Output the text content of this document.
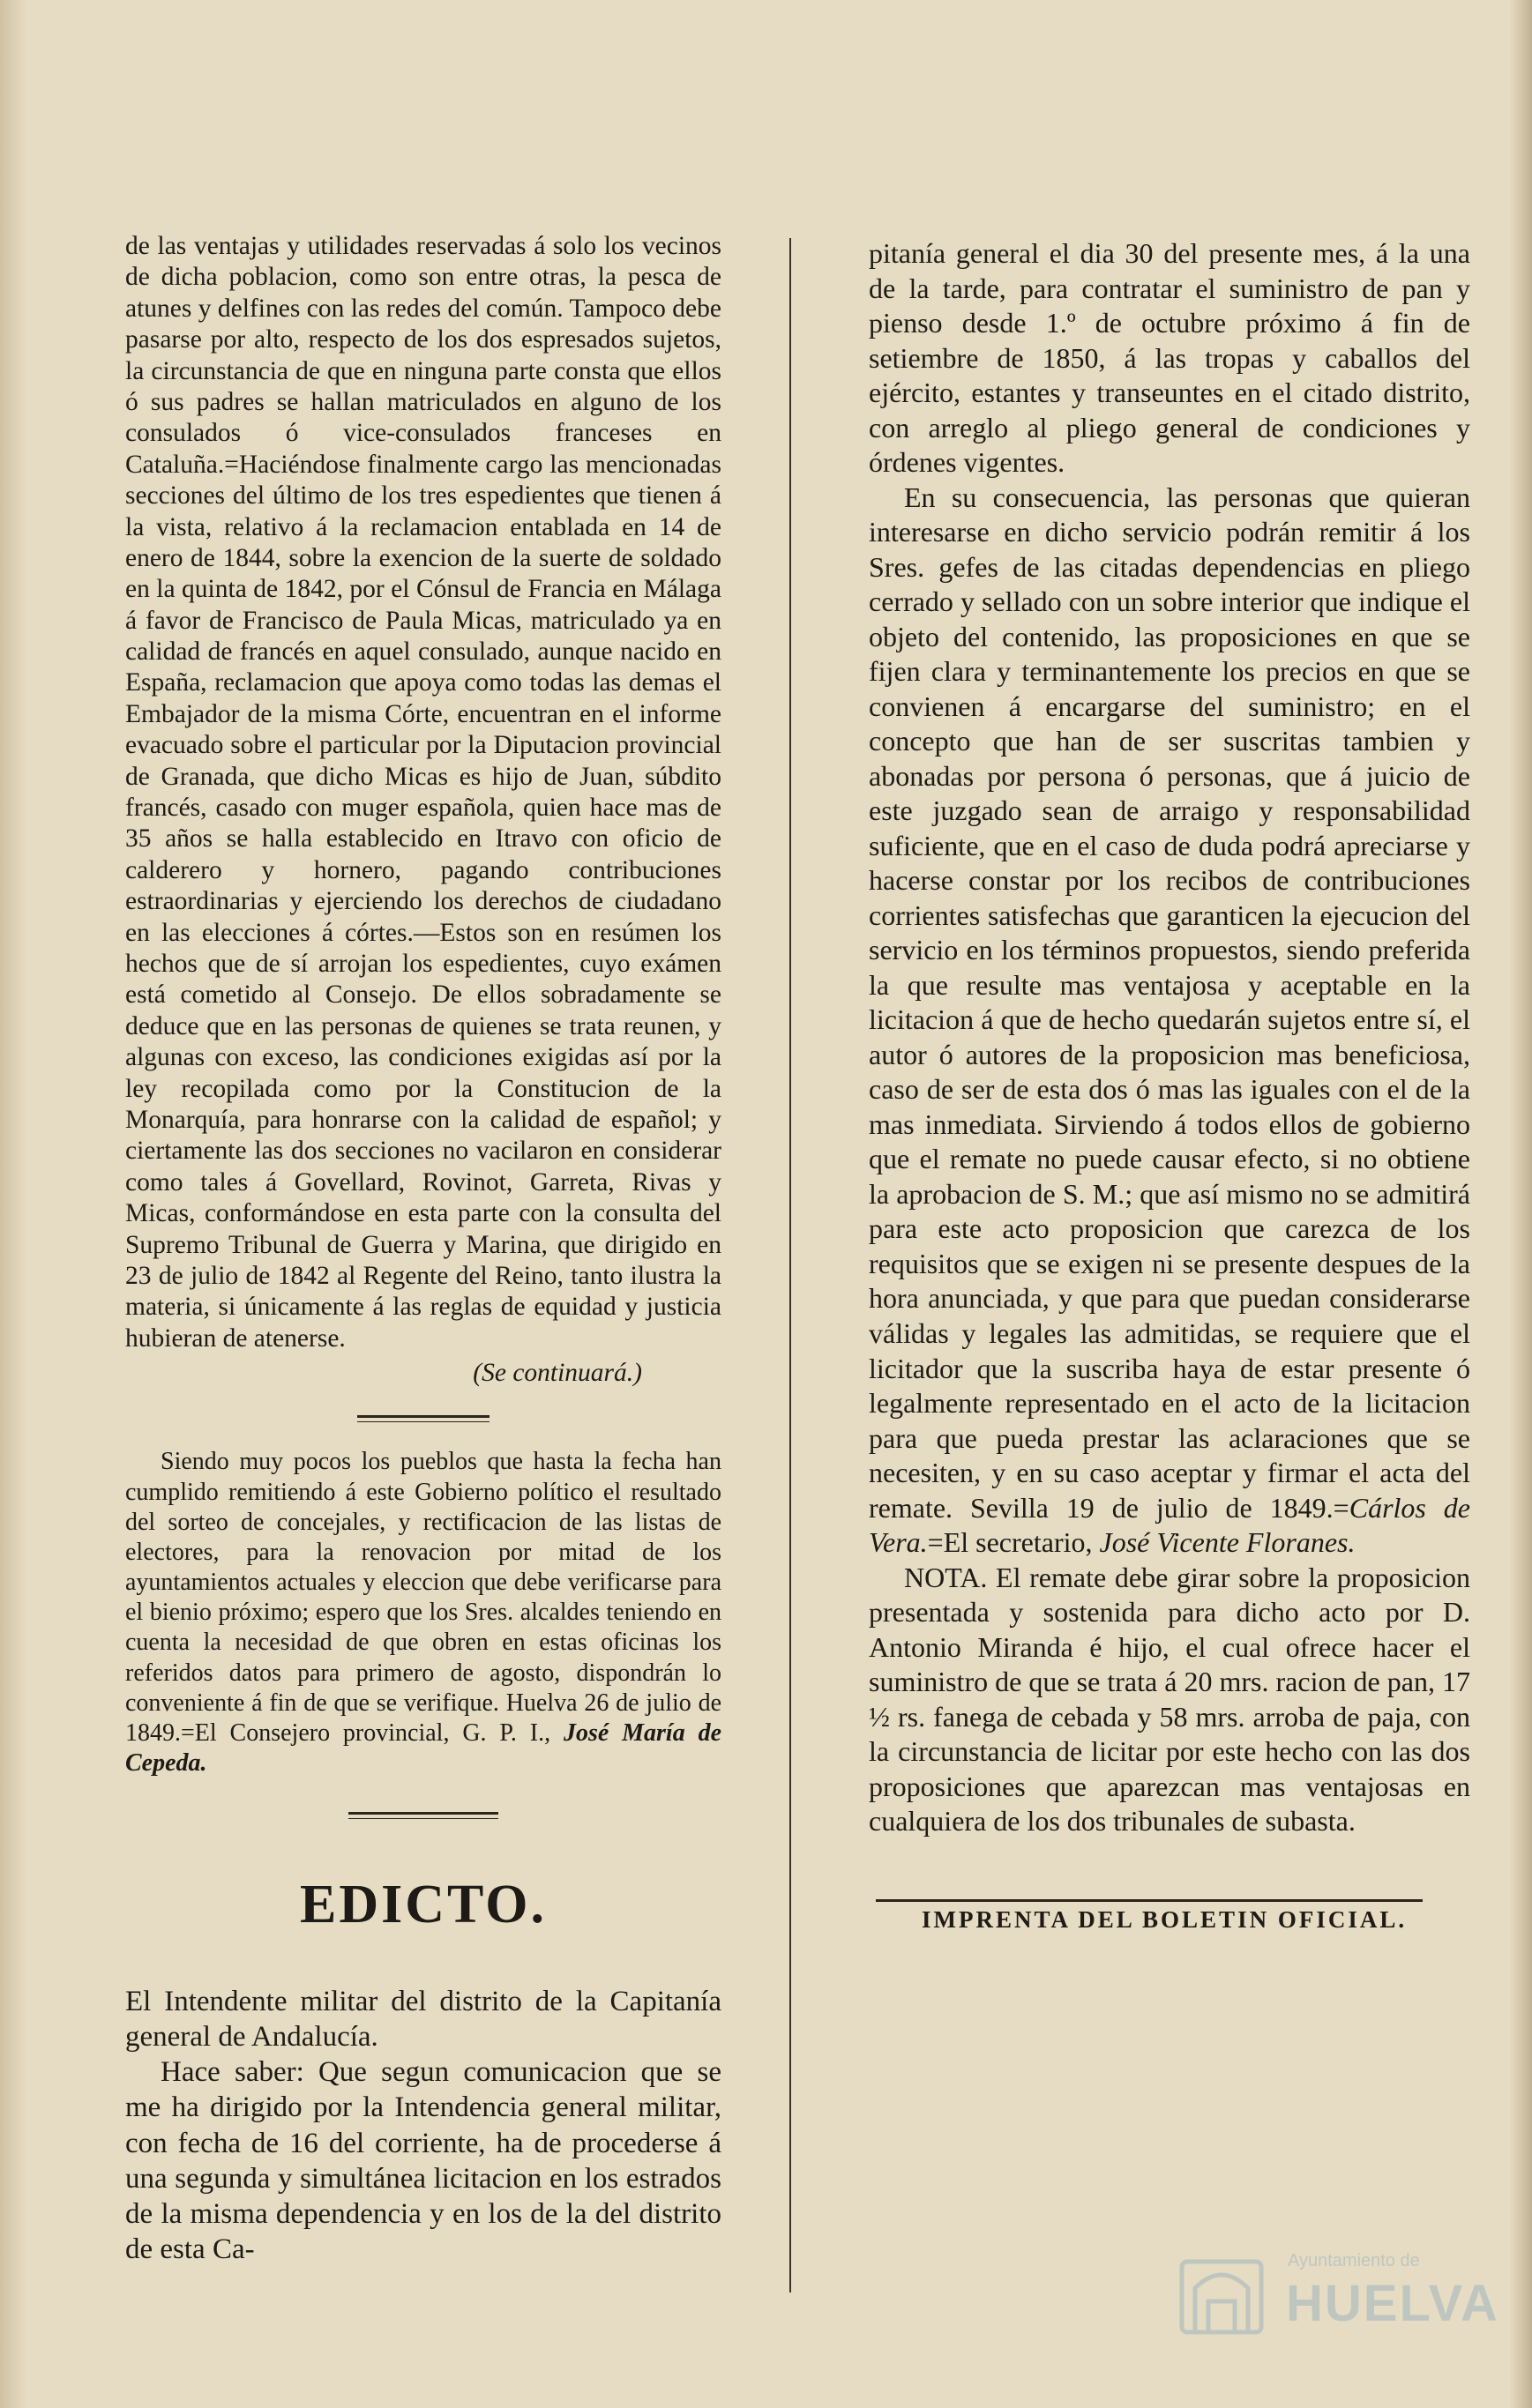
de las ventajas y utilidades reservadas á solo los vecinos de dicha poblacion, como son entre otras, la pesca de atunes y delfines con las redes del común. Tampoco debe pasarse por alto, respecto de los dos espresados sujetos, la circunstancia de que en ninguna parte consta que ellos ó sus padres se hallan matriculados en alguno de los consulados ó vice-consulados franceses en Cataluña.=Haciéndose finalmente cargo las mencionadas secciones del último de los tres espedientes que tienen á la vista, relativo á la reclamacion entablada en 14 de enero de 1844, sobre la exencion de la suerte de soldado en la quinta de 1842, por el Cónsul de Francia en Málaga á favor de Francisco de Paula Micas, matriculado ya en calidad de francés en aquel consulado, aunque nacido en España, reclamacion que apoya como todas las demas el Embajador de la misma Córte, encuentran en el informe evacuado sobre el particular por la Diputacion provincial de Granada, que dicho Micas es hijo de Juan, súbdito francés, casado con muger española, quien hace mas de 35 años se halla establecido en Itravo con oficio de calderero y hornero, pagando contribuciones estraordinarias y ejerciendo los derechos de ciudadano en las elecciones á córtes.—Estos son en resúmen los hechos que de sí arrojan los espedientes, cuyo exámen está cometido al Consejo. De ellos sobradamente se deduce que en las personas de quienes se trata reunen, y algunas con exceso, las condiciones exigidas así por la ley recopilada como por la Constitucion de la Monarquía, para honrarse con la calidad de español; y ciertamente las dos secciones no vacilaron en considerar como tales á Govellard, Rovinot, Garreta, Rivas y Micas, conformándose en esta parte con la consulta del Supremo Tribunal de Guerra y Marina, que dirigido en 23 de julio de 1842 al Regente del Reino, tanto ilustra la materia, si únicamente á las reglas de equidad y justicia hubieran de atenerse.

(Se continuará.)

Siendo muy pocos los pueblos que hasta la fecha han cumplido remitiendo á este Gobierno político el resultado del sorteo de concejales, y rectificacion de las listas de electores, para la renovacion por mitad de los ayuntamientos actuales y eleccion que debe verificarse para el bienio próximo; espero que los Sres. alcaldes teniendo en cuenta la necesidad de que obren en estas oficinas los referidos datos para primero de agosto, dispondrán lo conveniente á fin de que se verifique. Huelva 26 de julio de 1849.=El Consejero provincial, G. P. I., José María de Cepeda.

EDICTO.

El Intendente militar del distrito de la Capitanía general de Andalucía.

Hace saber: Que segun comunicacion que se me ha dirigido por la Intendencia general militar, con fecha de 16 del corriente, ha de procederse á una segunda y simultánea licitacion en los estrados de la misma dependencia y en los de la del distrito de esta Ca-

pitanía general el dia 30 del presente mes, á la una de la tarde, para contratar el suministro de pan y pienso desde 1.º de octubre próximo á fin de setiembre de 1850, á las tropas y caballos del ejército, estantes y transeuntes en el citado distrito, con arreglo al pliego general de condiciones y órdenes vigentes.

En su consecuencia, las personas que quieran interesarse en dicho servicio podrán remitir á los Sres. gefes de las citadas dependencias en pliego cerrado y sellado con un sobre interior que indique el objeto del contenido, las proposiciones en que se fijen clara y terminantemente los precios en que se convienen á encargarse del suministro; en el concepto que han de ser suscritas tambien y abonadas por persona ó personas, que á juicio de este juzgado sean de arraigo y responsabilidad suficiente, que en el caso de duda podrá apreciarse y hacerse constar por los recibos de contribuciones corrientes satisfechas que garanticen la ejecucion del servicio en los términos propuestos, siendo preferida la que resulte mas ventajosa y aceptable en la licitacion á que de hecho quedarán sujetos entre sí, el autor ó autores de la proposicion mas beneficiosa, caso de ser de esta dos ó mas las iguales con el de la mas inmediata. Sirviendo á todos ellos de gobierno que el remate no puede causar efecto, si no obtiene la aprobacion de S. M.; que así mismo no se admitirá para este acto proposicion que carezca de los requisitos que se exigen ni se presente despues de la hora anunciada, y que para que puedan considerarse válidas y legales las admitidas, se requiere que el licitador que la suscriba haya de estar presente ó legalmente representado en el acto de la licitacion para que pueda prestar las aclaraciones que se necesiten, y en su caso aceptar y firmar el acta del remate. Sevilla 19 de julio de 1849.=Cárlos de Vera.=El secretario, José Vicente Floranes.

NOTA. El remate debe girar sobre la proposicion presentada y sostenida para dicho acto por D. Antonio Miranda é hijo, el cual ofrece hacer el suministro de que se trata á 20 mrs. racion de pan, 17 ½ rs. fanega de cebada y 58 mrs. arroba de paja, con la circunstancia de licitar por este hecho con las dos proposiciones que aparezcan mas ventajosas en cualquiera de los dos tribunales de subasta.

IMPRENTA DEL BOLETIN OFICIAL.

Ayuntamiento de
HUELVA
